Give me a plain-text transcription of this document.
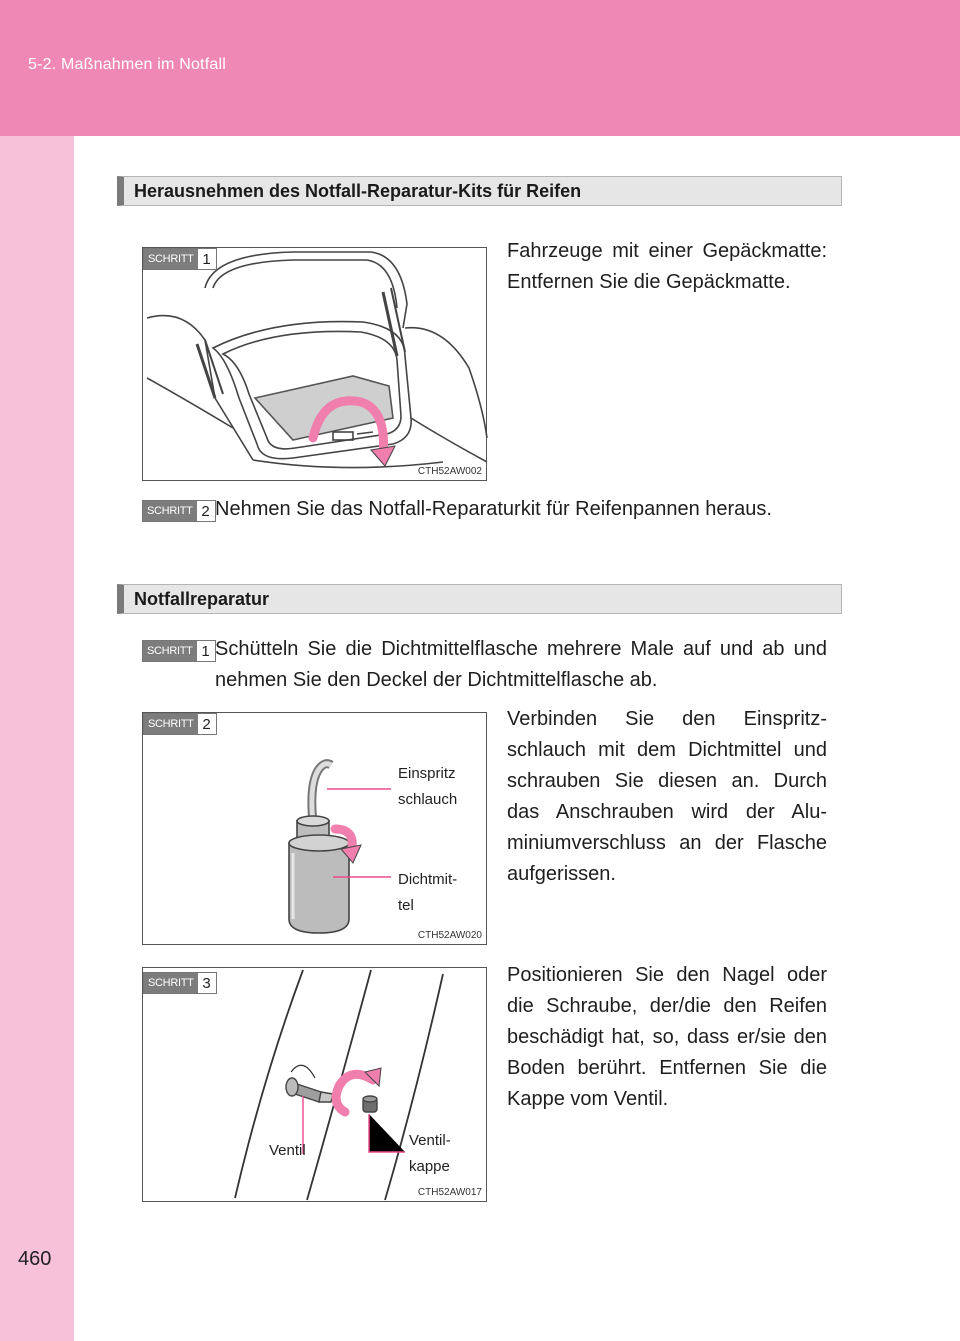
5-2. Maßnahmen im Notfall
460
Herausnehmen des Notfall-Reparatur-Kits für Reifen
SCHRITT 1
CTH52AW002
Fahrzeuge mit einer Gepäckmatte: Entfernen Sie die Gepäckmatte.
SCHRITT 2 Nehmen Sie das Notfall-Reparaturkit für Reifenpannen heraus.
Notfallreparatur
SCHRITT 1 Schütteln Sie die Dichtmittelflasche mehrere Male auf und ab und nehmen Sie den Deckel der Dichtmittelflasche ab.
SCHRITT 2
Einspritz
schlauch
Dichtmit-
tel
CTH52AW020
Verbinden Sie den Einspritzschlauch mit dem Dichtmittel und schrauben Sie diesen an. Durch das Anschrauben wird der Aluminiumverschluss an der Flasche aufgerissen.
SCHRITT 3
Ventil
Ventil-
kappe
CTH52AW017
Positionieren Sie den Nagel oder die Schraube, der/die den Reifen beschädigt hat, so, dass er/sie den Boden berührt. Entfernen Sie die Kappe vom Ventil.
